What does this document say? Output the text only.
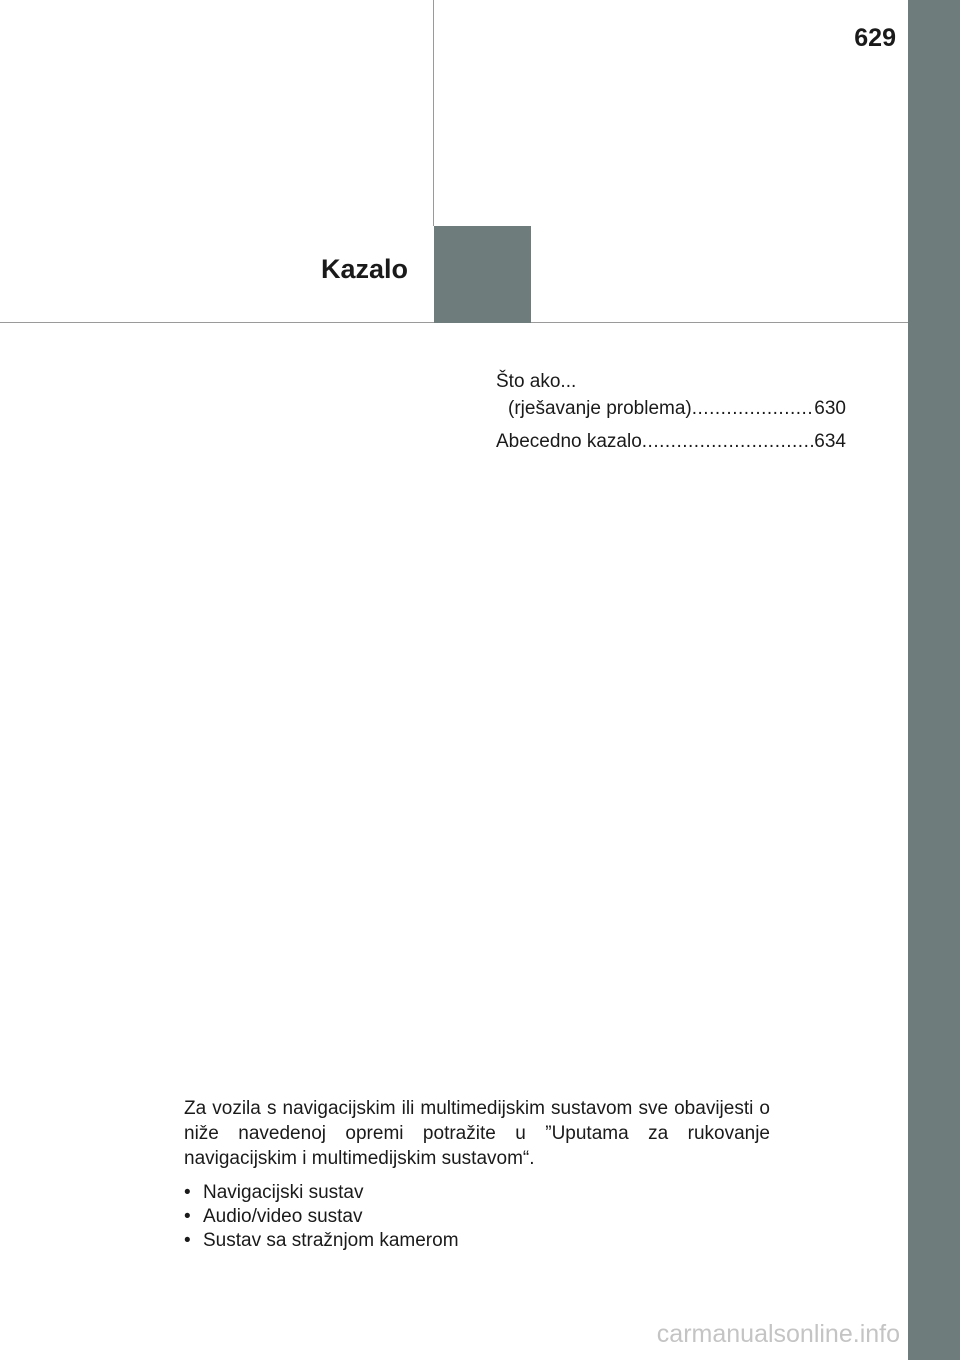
629
Kazalo
Što ako...
(rješavanje problema) .....	630
Abecedno kazalo .....	634

Za vozila s navigacijskim ili multimedijskim sustavom sve obavijesti o niže navedenoj opremi potražite u ”Uputama za rukovanje navigacijskim i multimedijskim sustavom“.

• Navigacijski sustav
• Audio/video sustav
• Sustav sa stražnjom kamerom
carmanualsonline.info
